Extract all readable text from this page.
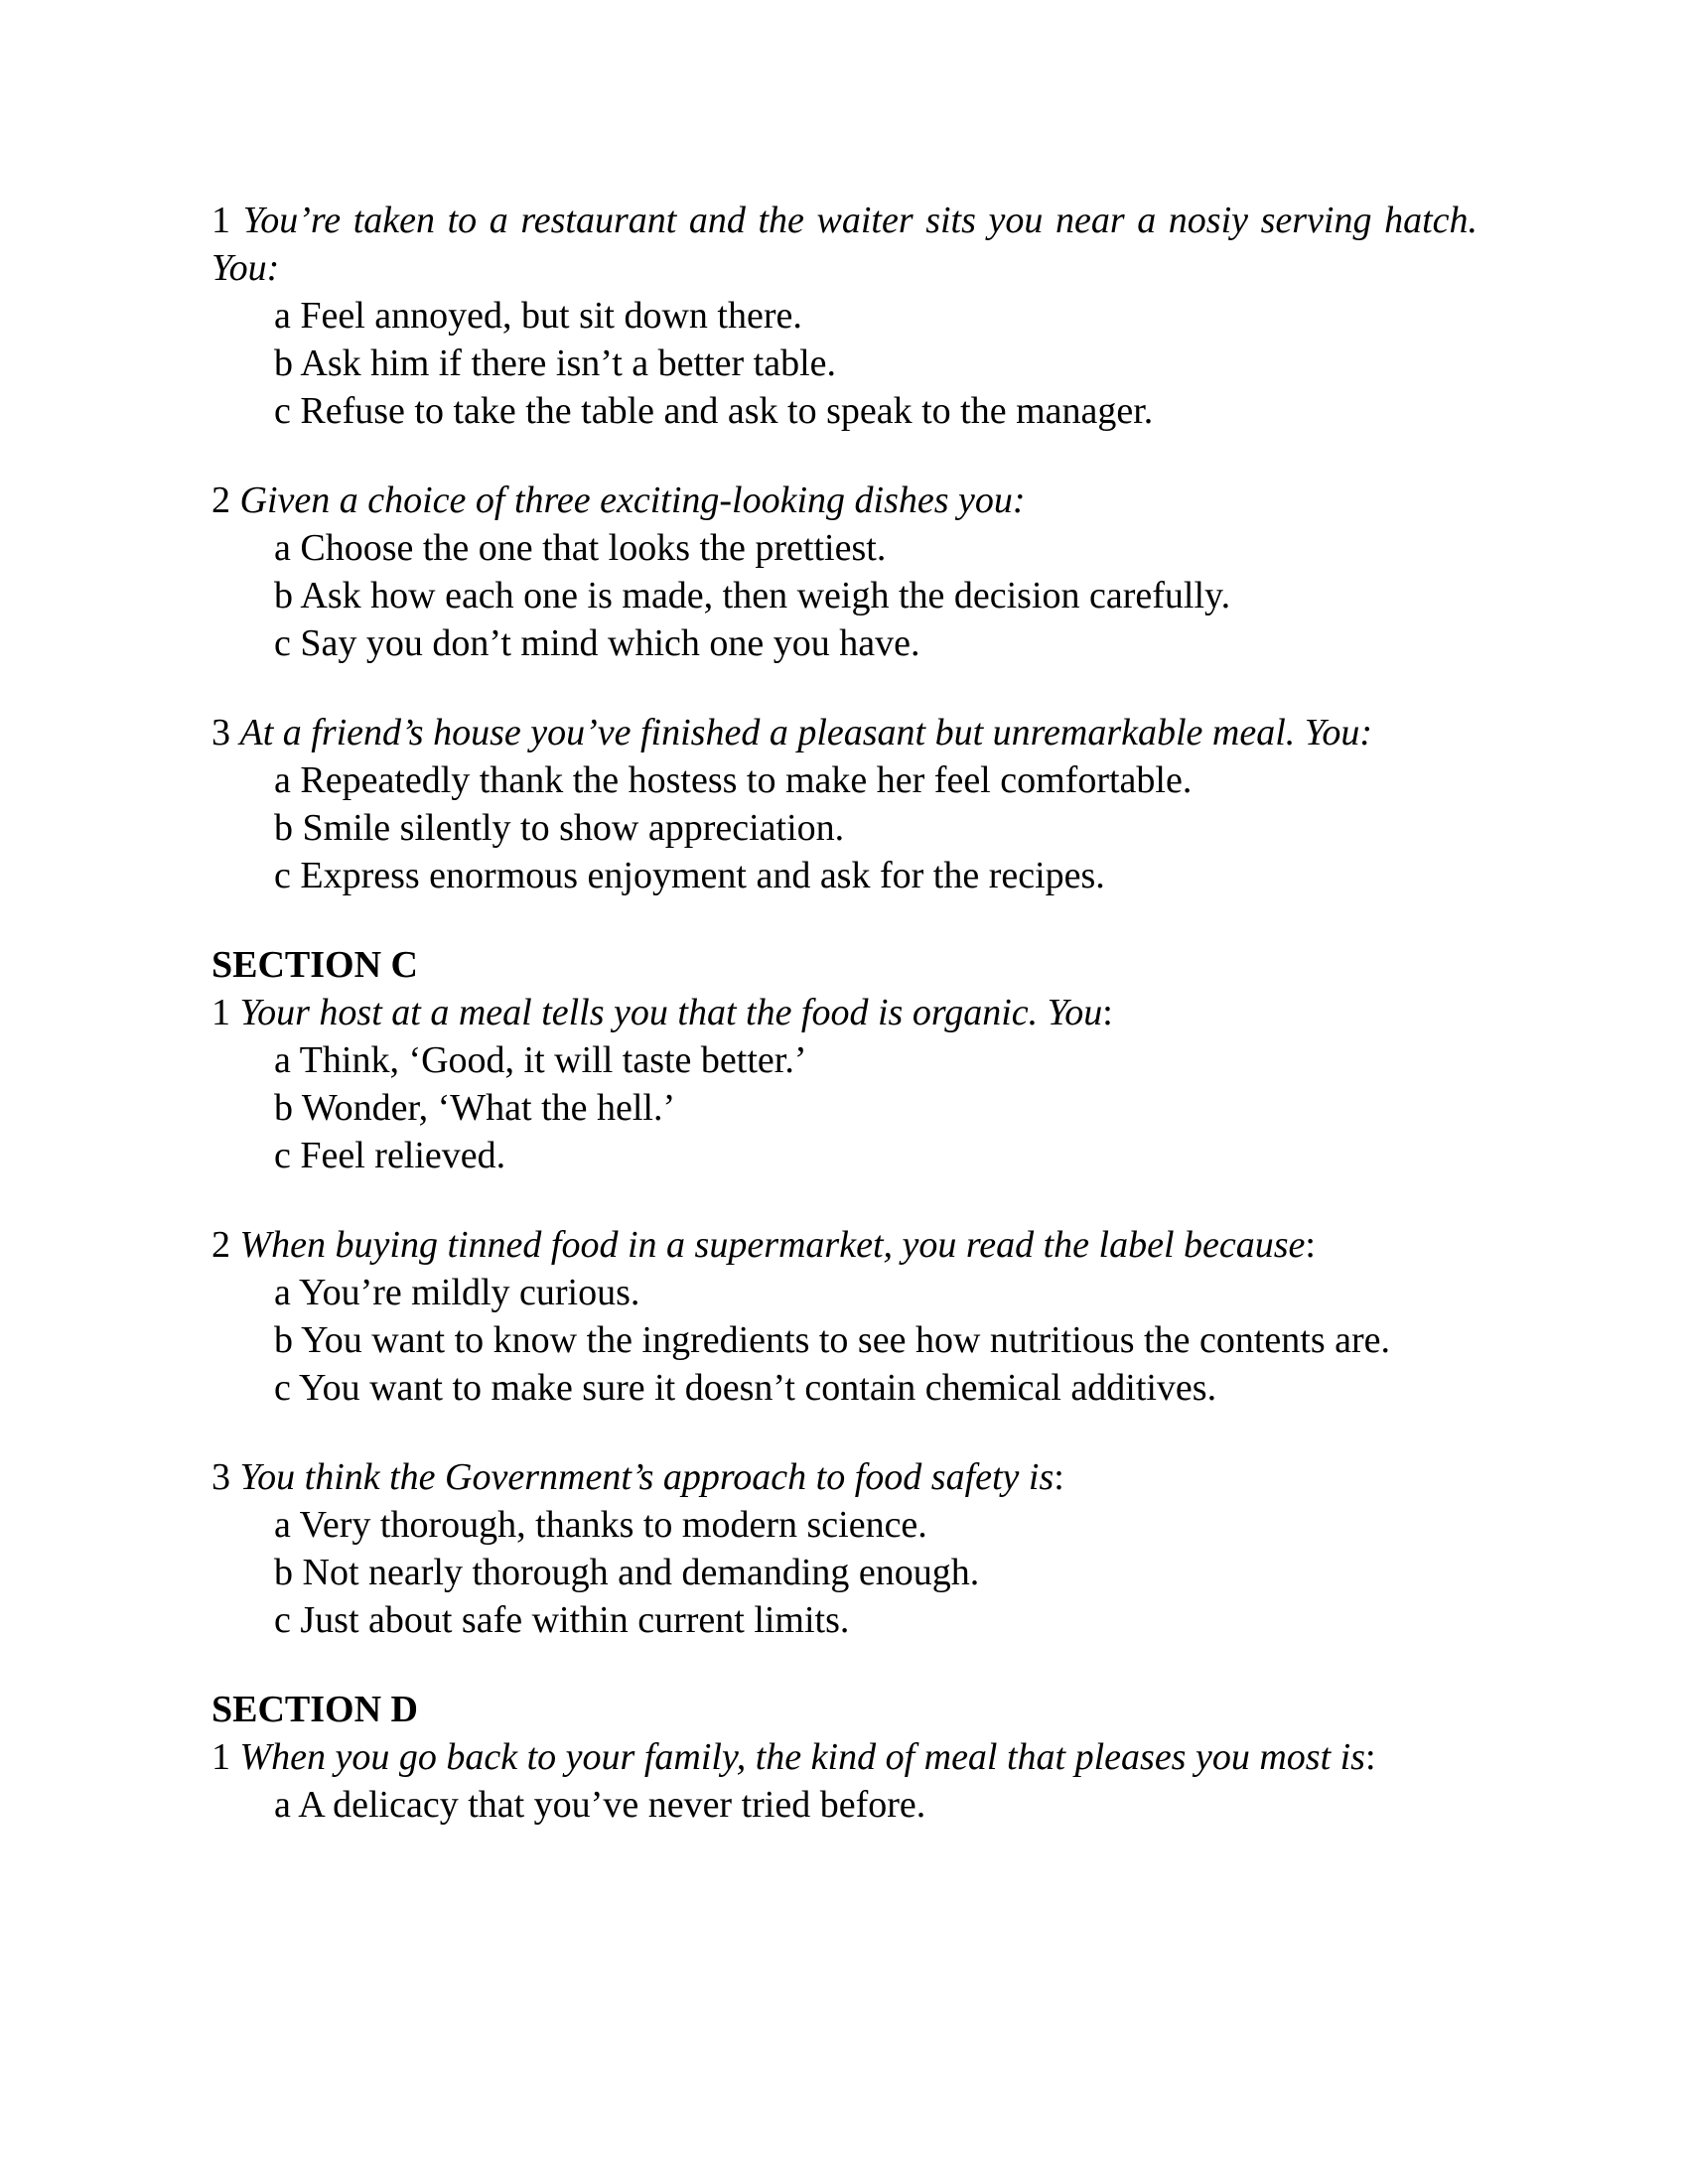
1 You’re taken to a restaurant and the waiter sits you near a nosiy serving hatch. You:
a Feel annoyed, but sit down there.
b Ask him if there isn’t a better table.
c Refuse to take the table and ask to speak to the manager.
2 Given a choice of three exciting-looking dishes you:
a Choose the one that looks the prettiest.
b Ask how each one is made, then weigh the decision carefully.
c Say you don’t mind which one you have.
3 At a friend’s house you’ve finished a pleasant but unremarkable meal. You:
a Repeatedly thank the hostess to make her feel comfortable.
b Smile silently to show appreciation.
c Express enormous enjoyment and ask for the recipes.
SECTION C
1 Your host at a meal tells you that the food is organic. You:
a Think, ‘Good, it will taste better.’
b Wonder, ‘What the hell.’
c Feel relieved.
2 When buying tinned food in a supermarket, you read the label because:
a You’re mildly curious.
b You want to know the ingredients to see how nutritious the contents are.
c You want to make sure it doesn’t contain chemical additives.
3 You think the Government’s approach to food safety is:
a Very thorough, thanks to modern science.
b Not nearly thorough and demanding enough.
c Just about safe within current limits.
SECTION D
1 When you go back to your family, the kind of meal that pleases you most is:
a A delicacy that you’ve never tried before.
